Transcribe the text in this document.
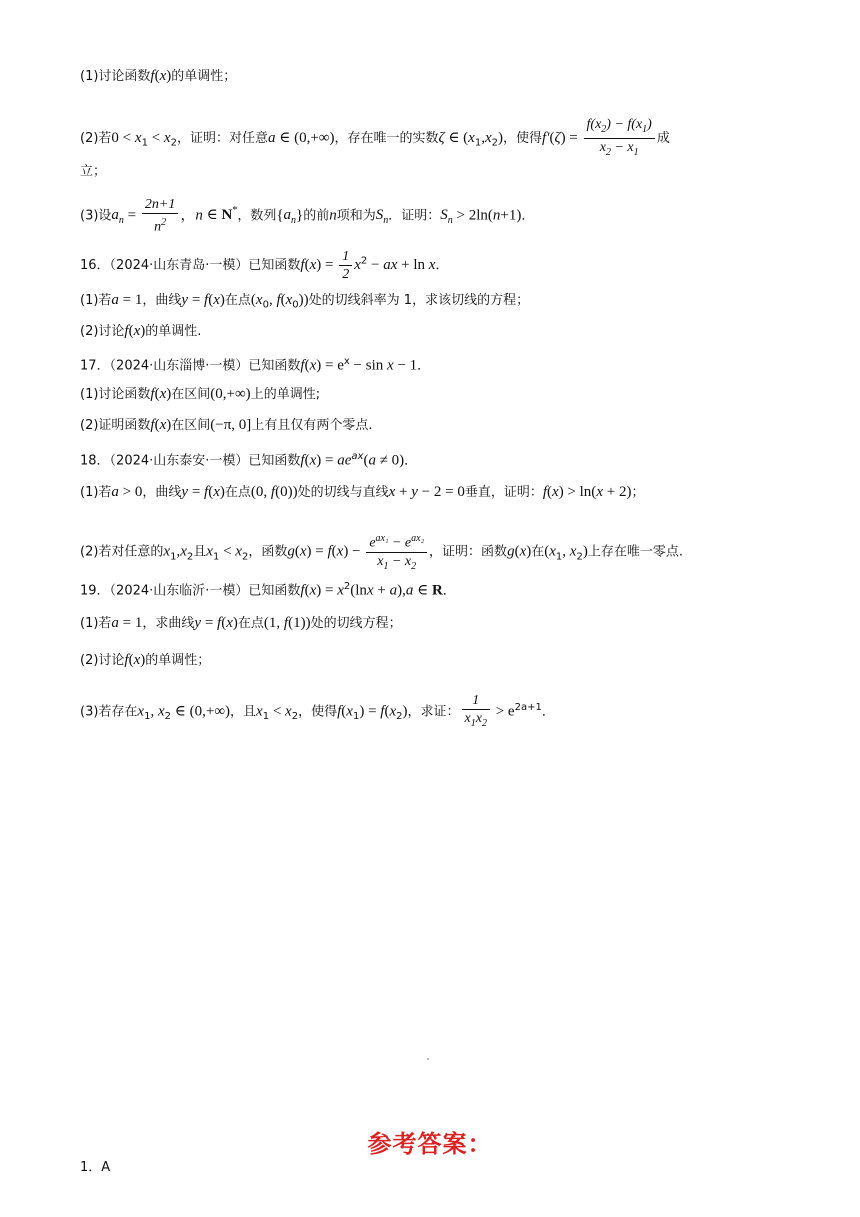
(1)讨论函数f(x)的单调性；
(2)若$0 < x_1 < x_2$，证明：对任意a ∈ (0,+∞)，存在唯一的实数ζ ∈ $(x_1,x_2)$，使得$f'(\zeta) = \frac{f(x_2) - f(x_1)}{x_2 - x_1}$ 成
立；
(3)设$a_n = \frac{2n+1}{n^2}$ ，n ∈ N*，数列$\{a_n\}$的前n项和为$S_n$．证明：$S_n > 2\ln(n+1)$．
16．（2024·山东青岛·一模）已知函数$f(x) = \frac{1}{2} x^2$ − ax + ln x．
(1)若a = 1，曲线y = f(x)在点($x_0$, $f(x_0)$)处的切线斜率为 1，求该切线的方程；
(2)讨论f(x)的单调性.
17．（2024·山东淄博·一模）已知函数$f(x) = e^x - \sin x - 1$．
(1)讨论函数f(x)在区间(0,+∞)上的单调性;
(2)证明函数f(x)在区间(−π, 0]上有且仅有两个零点.
18．（2024·山东泰安·一模）已知函数$f(x) = ae^{ax}(a \ne 0)$．
(1)若a > 0，曲线y = f(x)在点(0, f(0))处的切线与直线x + y − 2 = 0垂直，证明：f(x) > ln(x + 2)；
(2)若对任意的$x_1,x_2$且$x_1 < x_2$，函数$g(x) = f(x) - \frac{e^{ax_1} - e^{ax_2}}{x_1 - x_2}$ ，证明：函数g(x)在($x_1$, $x_2$)上存在唯一零点.
19．（2024·山东临沂·一模）已知函数$f(x) = x^2(\ln x + a),a$ ∈ R．
(1)若a = 1，求曲线y = f(x)在点(1, f(1))处的切线方程；
(2)讨论f(x)的单调性；
(3)若存在$x_1$, $x_2$ ∈ (0,+∞)，且$x_1 < x_2$，使得$f(x_1) = f(x_2)$，求证： $\frac{1}{x_1x_2} > e^{2a+1}$．
参考答案：
1．A
